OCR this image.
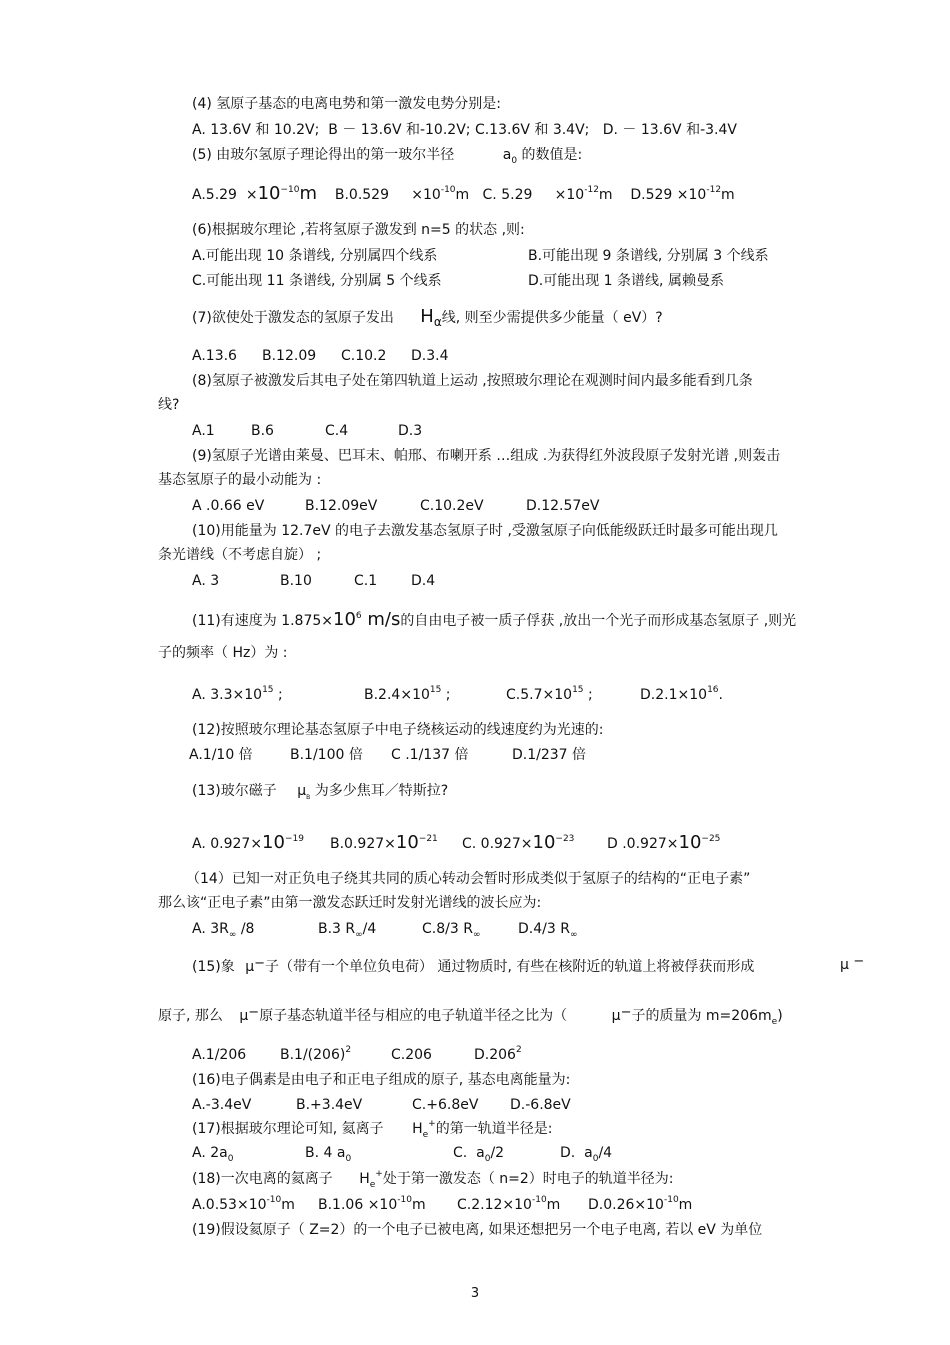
(4) 氢原子基态的电离电势和第一激发电势分别是:
A. 13.6V 和 10.2V; B － 13.6V 和-10.2V; C.13.6V 和 3.4V; D. － 13.6V 和-3.4V
(5) 由玻尔氢原子理论得出的第一玻尔半径	$a_0$ 的数值是:
$A.5.29 \times 10^{-10}m$ $B.0.529 \times 10^{-10}m$ C. $5.29 \times 10^{-12}m$ $D.529 \times 10^{-12}m$
(6)根据玻尔理论 ,若将氢原子激发到 n=5 的状态 ,则:
A.可能出现 10 条谱线, 分别属四个线系	B.可能出现 9 条谱线, 分别属 3 个线系
C.可能出现 11 条谱线, 分别属 5 个线系	D.可能出现 1 条谱线, 属赖曼系
(7)欲使处于激发态的氢原子发出 $H_\alpha$线, 则至少需提供多少能量（ eV）?
A.13.6 B.12.09 C.10.2 D.3.4
(8)氢原子被激发后其电子处在第四轨道上运动 ,按照玻尔理论在观测时间内最多能看到几条
线?
A.1	B.6	C.4	D.3
(9)氢原子光谱由莱曼、巴耳末、帕邢、布喇开系 …组成 .为获得红外波段原子发射光谱 ,则轰击
基态氢原子的最小动能为 :
A .0.66 eV	B.12.09eV	C.10.2eV	D.12.57eV
(10)用能量为 12.7eV 的电子去激发基态氢原子时 ,受激氢原子向低能级跃迁时最多可能出现几
条光谱线（不考虑自旋） ;
A. 3	B.10	C.1 D.4
(11)有速度为 $1.875\times 10^6$ m/s的自由电子被一质子俘获 ,放出一个光子而形成基态氢原子 ,则光
子的频率（ Hz）为 :
A. $3.3\times 10^{15}$ ;	$B.2.4\times 10^{15}$ ;	$C.5.7\times 10^{15}$ ;	$D.2.1\times 10^{16}$.
(12)按照玻尔理论基态氢原子中电子绕核运动的线速度约为光速的:
A.1/10 倍	B.1/100 倍 C .1/137 倍	D.1/237 倍
(13)玻尔磁子 $\mu_B$ 为多少焦耳／特斯拉?
A. $0.927\times 10^{-19}$ $B.0.927\times 10^{-21}$ C. $0.927\times 10^{-23}$ D $.0.927\times 10^{-25}$
（14）已知一对正负电子绕其共同的质心转动会暂时形成类似于氢原子的结构的“正电子素”
那么该“正电子素”由第一激发态跃迁时发射光谱线的波长应为:
A. $3R_\infty$ /8	B.3 $R_\infty/4$	C.8/3 $R_\infty$	D.4/3 $R_\infty$
(15)象 μ−子（带有一个单位负电荷） 通过物质时, 有些在核附近的轨道上将被俘获而形成	μ −
原子, 那么 μ−原子基态轨道半径与相应的电子轨道半径之比为（	μ−子的质量为 $m=206m_e$)
A.1/206 $B.1/(206)^2$	C.206	D.206$^2$
(16)电子偶素是由电子和正电子组成的原子, 基态电离能量为:
A.-3.4eV	B.+3.4eV	C.+6.8eV D.-6.8eV
(17)根据玻尔理论可知, 氦离子 $H_e^+$的第一轨道半径是:
A. $2a_0$	B. 4 $a_0$	C. $a_0/2$	D. $a_0/4$
(18)一次电离的氦离子 $H_e^+$处于第一激发态（ n=2）时电子的轨道半径为:
$A.0.53\times 10^{-10}m$ $B.1.06 \times 10^{-10}m$ $C.2.12\times 10^{-10}m$ $D.0.26\times 10^{-10}m$
(19)假设氦原子（ Z=2）的一个电子已被电离, 如果还想把另一个电子电离, 若以 eV 为单位
3
